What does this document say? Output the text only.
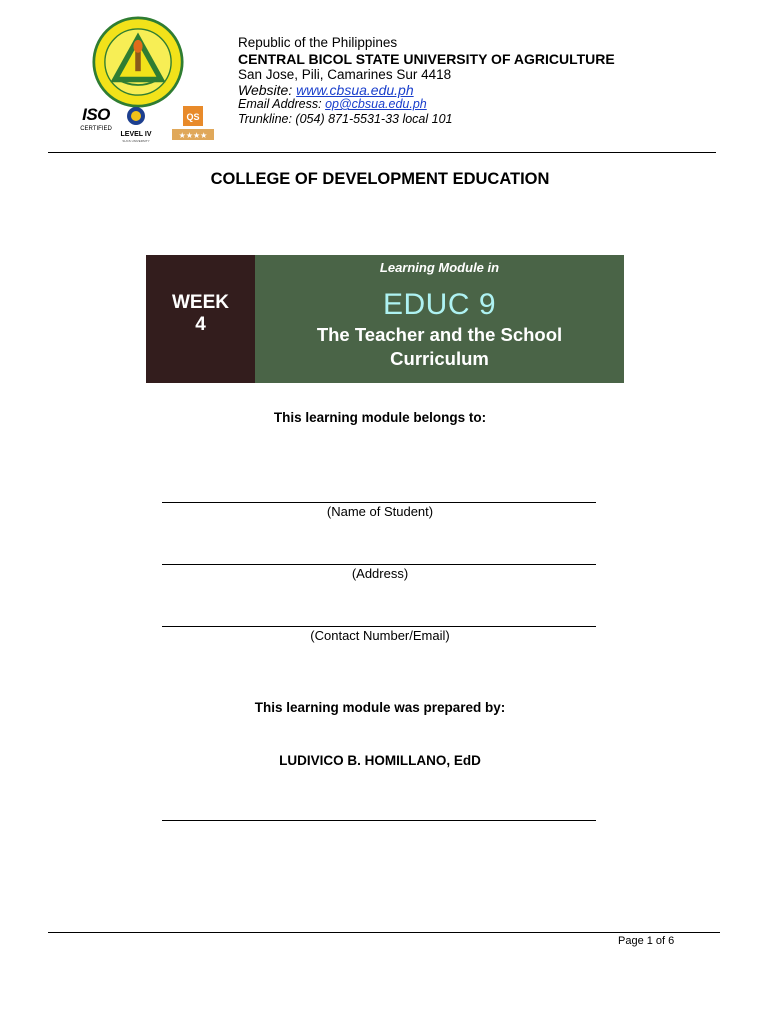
ISO
CERTIFIED
LEVEL IV
SUCS UNIVERSITY
QS
★★★★
Republic of the Philippines
CENTRAL BICOL STATE UNIVERSITY OF AGRICULTURE
San Jose, Pili, Camarines Sur 4418
Website: www.cbsua.edu.ph
Email Address: op@cbsua.edu.ph
Trunkline: (054) 871-5531-33 local 101
COLLEGE OF DEVELOPMENT EDUCATION
WEEK
4
Learning Module in
EDUC 9
The Teacher and the School
Curriculum
This learning module belongs to:
(Name of Student)
(Address)
(Contact Number/Email)
This learning module was prepared by:
LUDIVICO B. HOMILLANO, EdD
Page 1 of 6
